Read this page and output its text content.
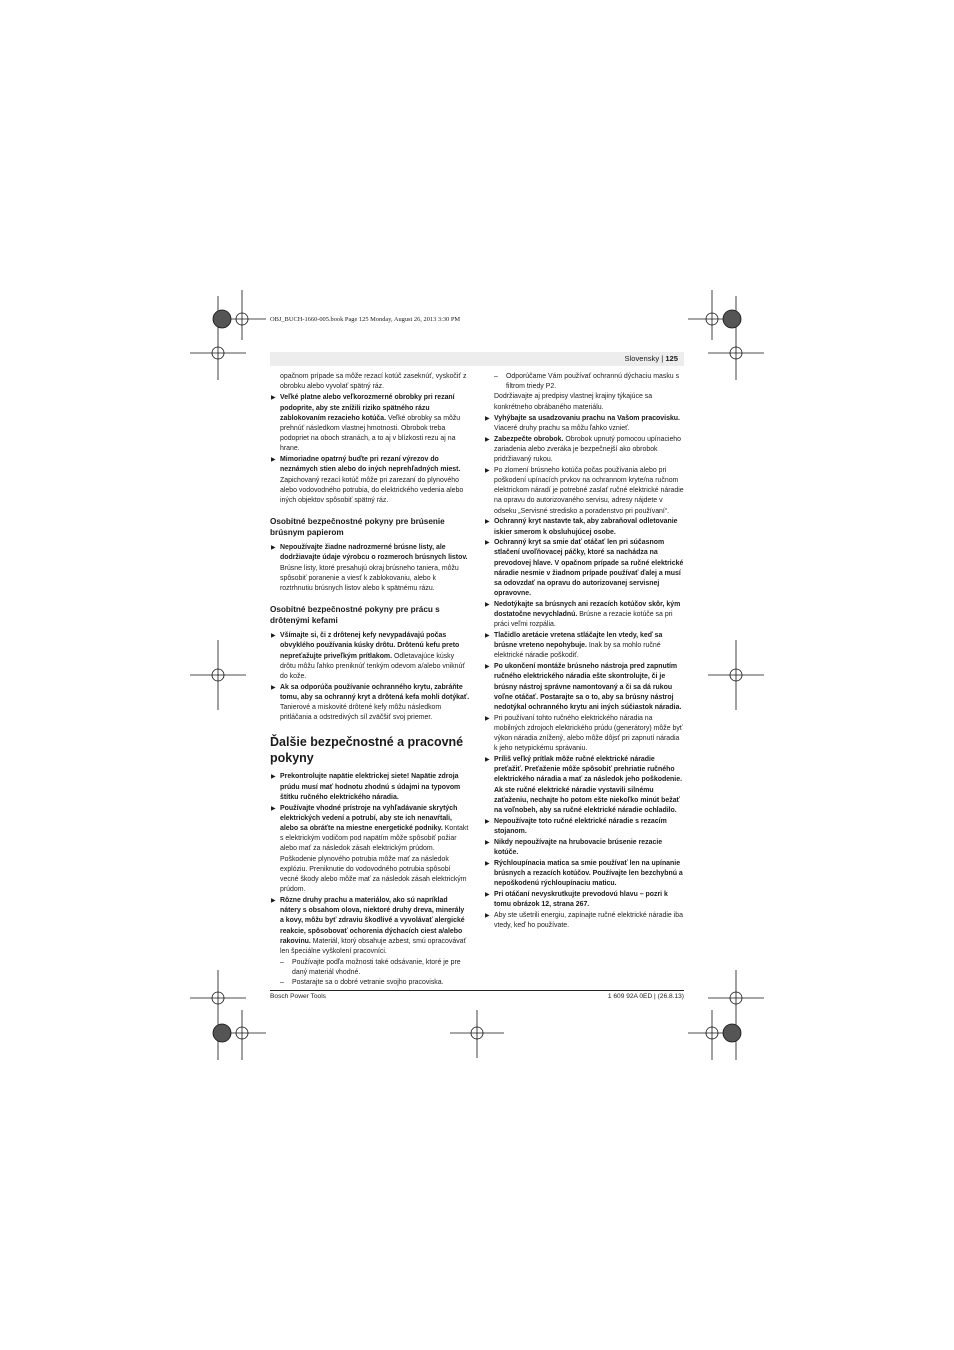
OBJ_BUCH-1660-005.book Page 125 Monday, August 26, 2013 3:30 PM
Slovensky | 125
opačnom prípade sa môže rezací kotúč zaseknúť, vyskočiť z obrobku alebo vyvolať spätný ráz.
▶ Veľké platne alebo veľkorozmerné obrobky pri rezaní podoprite, aby ste znížili riziko spätného rázu zablokovaním rezacieho kotúča. Veľké obrobky sa môžu prehnúť následkom vlastnej hmotnosti. Obrobok treba podopriet na oboch stranách, a to aj v blízkosti rezu aj na hrane.
▶ Mimoriadne opatrný buďte pri rezaní výrezov do neznámych stien alebo do iných neprehľadných miest.
Zapichovaný rezací kotúč môže pri zarezaní do plynového alebo vodovodného potrubia, do elektrického vedenia alebo iných objektov spôsobiť spätný ráz.
Osobitné bezpečnostné pokyny pre brúsenie brúsnym papierom
▶ Nepoužívajte žiadne nadrozmerné brúsne listy, ale dodržiavajte údaje výrobcu o rozmeroch brúsnych listov. Brúsne listy, ktoré presahujú okraj brúsneho taniera, môžu spôsobiť poranenie a viesť k zablokovaniu, alebo k roztrhnutiu brúsnych listov alebo k spätnému rázu.
Osobitné bezpečnostné pokyny pre prácu s drôtenými kefami
▶ Všímajte si, či z drôtenej kefy nevypadávajú počas obvyklého používania kúsky drôtu. Drôtenú kefu preto nepreťažujte priveľkým prítlakom. Odletavajúce kúsky drôtu môžu ľahko preniknúť tenkým odevom a/alebo vniknúť do kože.
▶ Ak sa odporúča používanie ochranného krytu, zabráňte tomu, aby sa ochranný kryt a drôtená kefa mohli dotýkať. Tanierové a miskovité drôtené kefy môžu následkom pritláčania a odstredivých síl zväčšiť svoj priemer.
Ďalšie bezpečnostné a pracovné pokyny
▶ Prekontrolujte napätie elektrickej siete! Napätie zdroja prúdu musí mať hodnotu zhodnú s údajmi na typovom štítku ručného elektrického náradia.
▶ Používajte vhodné prístroje na vyhľadávanie skrytých elektrických vedení a potrubí, aby ste ich nenavŕtali, alebo sa obráťte na miestne energetické podniky. Kontakt s elektrickým vodičom pod napätím môže spôsobiť požiar alebo mať za následok zásah elektrickým prúdom. Poškodenie plynového potrubia môže mať za následok explóziu. Preniknutie do vodovodného potrubia spôsobí vecné škody alebo môže mať za následok zásah elektrickým prúdom.
▶ Rôzne druhy prachu a materiálov, ako sú napríklad nátery s obsahom olova, niektoré druhy dreva, minerály a kovy, môžu byť zdraviu škodlivé a vyvolávať alergické reakcie, spôsobovať ochorenia dýchacích ciest a/alebo rakovinu. Materiál, ktorý obsahuje azbest, smú opracovávať len špeciálne vyškolení pracovníci.
– Používajte podľa možnosti také odsávanie, ktoré je pre daný materiál vhodné.
– Postarajte sa o dobré vetranie svojho pracoviska.
– Odporúčame Vám používať ochrannú dýchaciu masku s filtrom triedy P2.
Dodržiavajte aj predpisy vlastnej krajiny týkajúce sa konkrétneho obrábaného materiálu.
▶ Vyhýbajte sa usadzovaniu prachu na Vašom pracovisku. Viaceré druhy prachu sa môžu ľahko vznieť.
▶ Zabezpečte obrobok. Obrobok upnutý pomocou upínacieho zariadenia alebo zveráka je bezpečnejší ako obrobok pridržiavaný rukou.
▶ Po zlomení brúsneho kotúča počas používania alebo pri poškodení upínacích prvkov na ochrannom kryte/na ručnom elektrickom náradí je potrebné zaslať ručné elektrické náradie na opravu do autorizovaného servisu, adresy nájdete v odseku „Servisné stredisko a poradenstvo pri používaní“.
▶ Ochranný kryt nastavte tak, aby zabraňoval odletovanie iskier smerom k obsluhujúcej osobe.
▶ Ochranný kryt sa smie dať otáčať len pri súčasnom stlačení uvoľňovacej páčky, ktoré sa nachádza na prevodovej hlave. V opačnom prípade sa ručné elektrické náradie nesmie v žiadnom prípade používať ďalej a musí sa odovzdať na opravu do autorizovanej servisnej opravovne.
▶ Nedotýkajte sa brúsnych ani rezacích kotúčov skôr, kým dostatočne nevychladnú. Brúsne a rezacie kotúče sa pri práci veľmi rozpália.
▶ Tlačidlo aretácie vretena stláčajte len vtedy, keď sa brúsne vreteno nepohybuje. Inak by sa mohlo ručné elektrické náradie poškodiť.
▶ Po ukončení montáže brúsneho nástroja pred zapnutím ručného elektrického náradia ešte skontrolujte, či je brúsny nástroj správne namontovaný a či sa dá rukou voľne otáčať. Postarajte sa o to, aby sa brúsny nástroj nedotýkal ochranného krytu ani iných súčiastok náradia.
▶ Pri používaní tohto ručného elektrického náradia na mobilných zdrojoch elektrického prúdu (generátory) môže byť výkon náradia znížený, alebo môže dôjsť pri zapnutí náradia k jeho netypickému správaniu.
▶ Príliš veľký prítlak môže ručné elektrické náradie preťažiť. Preťaženie môže spôsobiť prehriatie ručného elektrického náradia a mať za následok jeho poškodenie. Ak ste ručné elektrické náradie vystavili silnému zaťaženiu, nechajte ho potom ešte niekoľko minút bežať na voľnobeh, aby sa ručné elektrické náradie ochladilo.
▶ Nepoužívajte toto ručné elektrické náradie s rezacím stojanom.
▶ Nikdy nepoužívajte na hrubovacie brúsenie rezacie kotúče.
▶ Rýchloupínacia matica sa smie používať len na upínanie brúsnych a rezacích kotúčov. Používajte len bezchybnú a nepoškodenú rýchloupínaciu maticu.
▶ Pri otáčaní nevyskrutkujte prevodovú hlavu – pozri k tomu obrázok 12, strana 267.
▶ Aby ste ušetrili energiu, zapínajte ručné elektrické náradie iba vtedy, keď ho používate.
Bosch Power Tools	1 609 92A 0ED | (26.8.13)
